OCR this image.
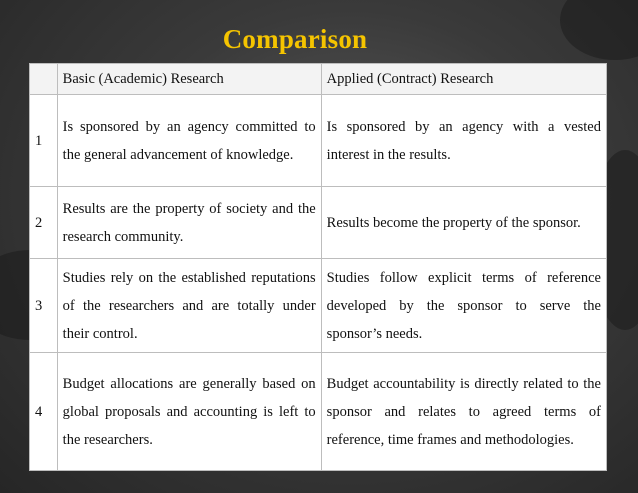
Comparison
	Basic (Academic) Research	Applied (Contract) Research
1	Is sponsored by an agency committed to the general advancement of knowledge.	Is sponsored by an agency with a vested interest in the results.
2	Results are the property of society and the research community.	Results become the property of the sponsor.
3	Studies rely on the established reputations of the researchers and are totally under their control.	Studies follow explicit terms of reference developed by the sponsor to serve the sponsor’s needs.
4	Budget allocations are generally based on global proposals and accounting is left to the researchers.	Budget accountability is directly related to the sponsor and relates to agreed terms of reference, time frames and methodologies.
